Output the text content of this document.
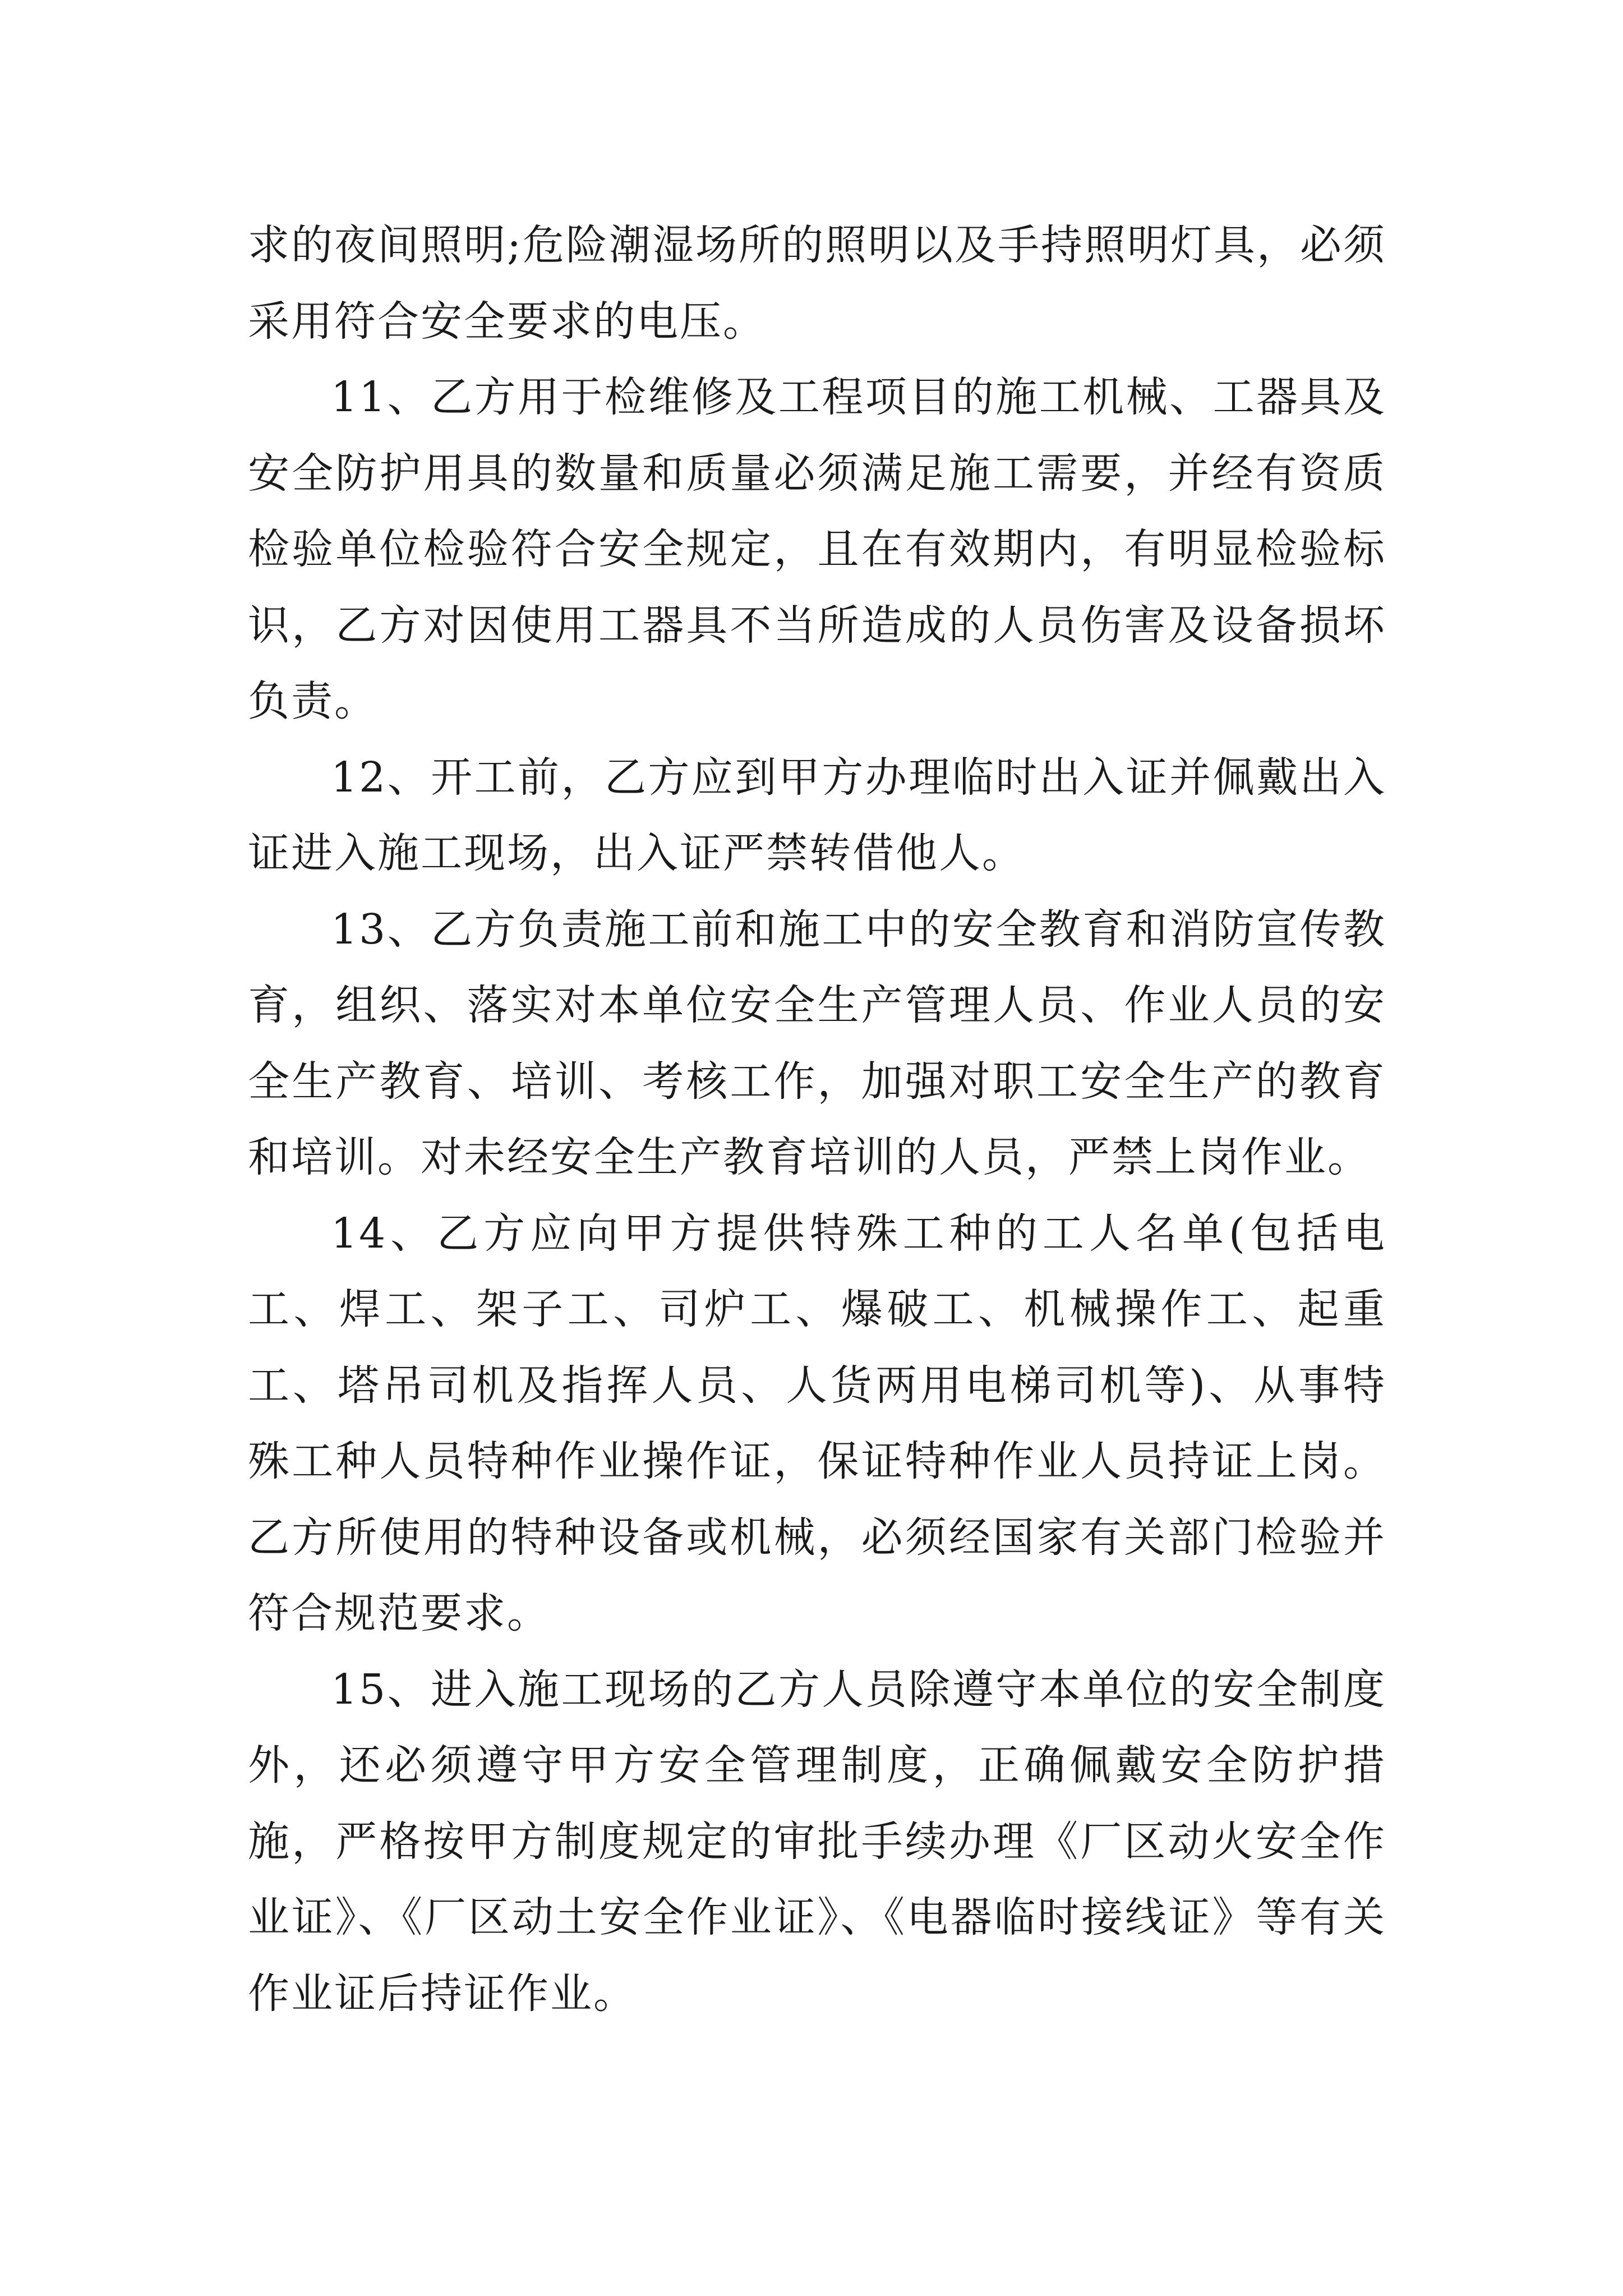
求的夜间照明;危险潮湿场所的照明以及手持照明灯具，必须采用符合安全要求的电压。

11、乙方用于检维修及工程项目的施工机械、工器具及安全防护用具的数量和质量必须满足施工需要，并经有资质检验单位检验符合安全规定，且在有效期内，有明显检验标识，乙方对因使用工器具不当所造成的人员伤害及设备损坏负责。

12、开工前，乙方应到甲方办理临时出入证并佩戴出入证进入施工现场，出入证严禁转借他人。

13、乙方负责施工前和施工中的安全教育和消防宣传教育，组织、落实对本单位安全生产管理人员、作业人员的安全生产教育、培训、考核工作，加强对职工安全生产的教育和培训。对未经安全生产教育培训的人员，严禁上岗作业。

14、乙方应向甲方提供特殊工种的工人名单(包括电工、焊工、架子工、司炉工、爆破工、机械操作工、起重工、塔吊司机及指挥人员、人货两用电梯司机等)、从事特殊工种人员特种作业操作证，保证特种作业人员持证上岗。乙方所使用的特种设备或机械，必须经国家有关部门检验并符合规范要求。

15、进入施工现场的乙方人员除遵守本单位的安全制度外，还必须遵守甲方安全管理制度，正确佩戴安全防护措施，严格按甲方制度规定的审批手续办理《厂区动火安全作业证》、《厂区动土安全作业证》、《电器临时接线证》等有关作业证后持证作业。
